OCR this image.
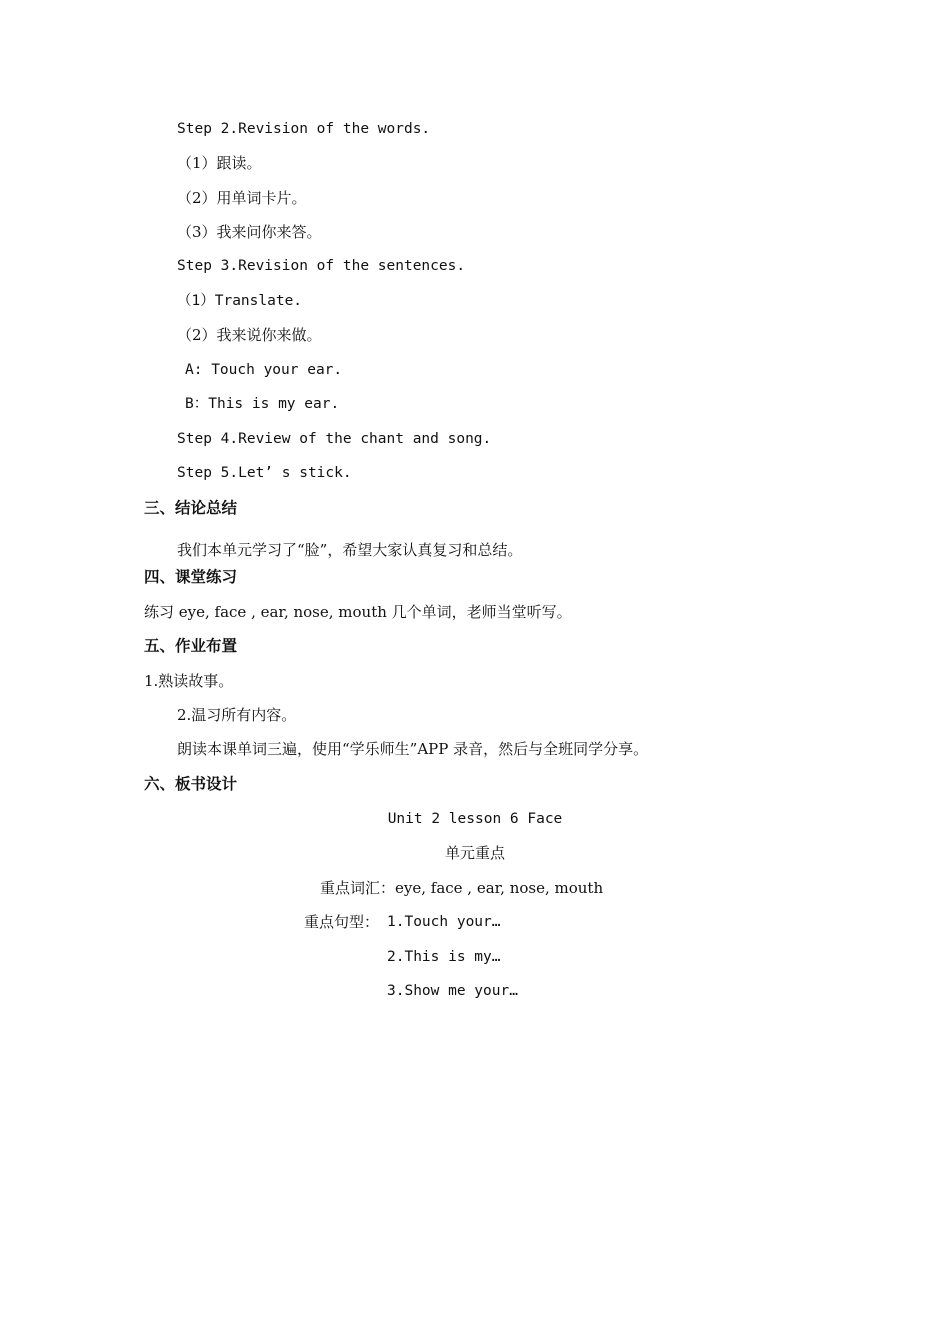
Step 2.Revision of the words.
（1）跟读。
（2）用单词卡片。
（3）我来问你来答。
Step 3.Revision of the sentences.
（1）Translate.
（2）我来说你来做。
A: Touch your ear.
B：This is my ear.
Step 4.Review of the chant and song.
Step 5.Let’ s stick.
三、结论总结
我们本单元学习了“脸”，希望大家认真复习和总结。
四、课堂练习
练习 eye, face , ear, nose, mouth 几个单词，老师当堂听写。
五、作业布置
1.熟读故事。
2.温习所有内容。
朗读本课单词三遍，使用“学乐师生”APP 录音，然后与全班同学分享。
六、板书设计
Unit 2 lesson 6 Face
单元重点
重点词汇：eye, face , ear, nose, mouth
重点句型： 1.Touch your…
2.This is my…
3.Show me your…
